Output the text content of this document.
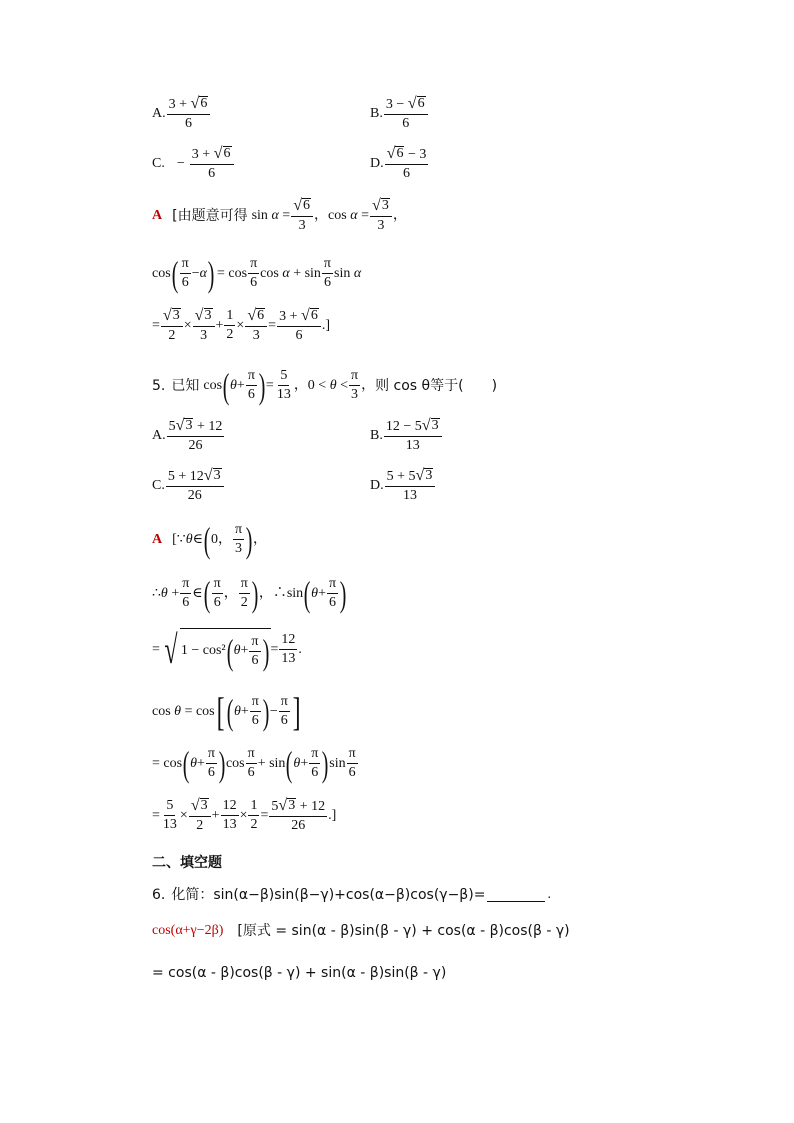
A. $\frac{3 + √ 6}{6}$	B. $\frac{3 - √ 6}{6}$
C. − $\frac{3 + √ 6}{6}$	D. $\frac{√ 6 - 3}{6}$
A [由题意可得 $\sin \alpha = \frac{√ 6}{3}$ ，$\cos \alpha = \frac{√ 3}{3}$ ，
cos ( $\frac{\pi}{6} -\alpha$ ) = $\cos \frac{\pi}{6}$ $\cos \alpha + \sin \frac{\pi}{6}$ sin α
= $\frac{√ 3}{2} \times \frac{√ 3}{3} + \frac{1}{2} \times \frac{√ 6}{3} = \frac{3 + √ 6}{6}$ .]
5. 已知 cos ( $\theta + \frac{\pi}{6}$ ) = $\frac{5}{13}$ ，$0 < \theta < \frac{\pi}{3}$ ， 则 cos θ等于(　　)
A. $\frac{5 √ 3 + 12}{26}$	B. $\frac{12 - 5 √ 3}{13}$
C. $\frac{5 + 12 √ 3}{26}$	D. $\frac{5 + 5 √ 3}{13}$
A [∵θ∈ ( 0， $\frac{\pi}{3}$ ) ，
∴θ + $\frac{\pi}{6}$ ∈ ( $\frac{\pi}{6}$ ， $\frac{\pi}{2}$ ) ，∴sin ( $\theta + \frac{\pi}{6}$ )
= √ 1 − cos² ( $\theta + \frac{\pi}{6}$ ) = $\frac{12}{13}$ .
cos θ = cos [ ( $\theta + \frac{\pi}{6}$ ) − $\frac{\pi}{6}$ ]
= cos ( $\theta + \frac{\pi}{6}$ ) $\cos \frac{\pi}{6} + \sin$ ( $\theta + \frac{\pi}{6}$ ) $\sin \frac{\pi}{6}$
= $\frac{5}{13} \times \frac{√ 3}{2} + \frac{12}{13} \times \frac{1}{2} = \frac{5 √ 3 + 12}{26}$ .]
二、填空题
6. 化简：sin(α−β)sin(β−γ)+cos(α−β)cos(γ−β)=	.
cos(α+γ−2β) [原式 = sin(α - β)sin(β - γ) + cos(α - β)cos(β - γ)
= cos(α - β)cos(β - γ) + sin(α - β)sin(β - γ)
